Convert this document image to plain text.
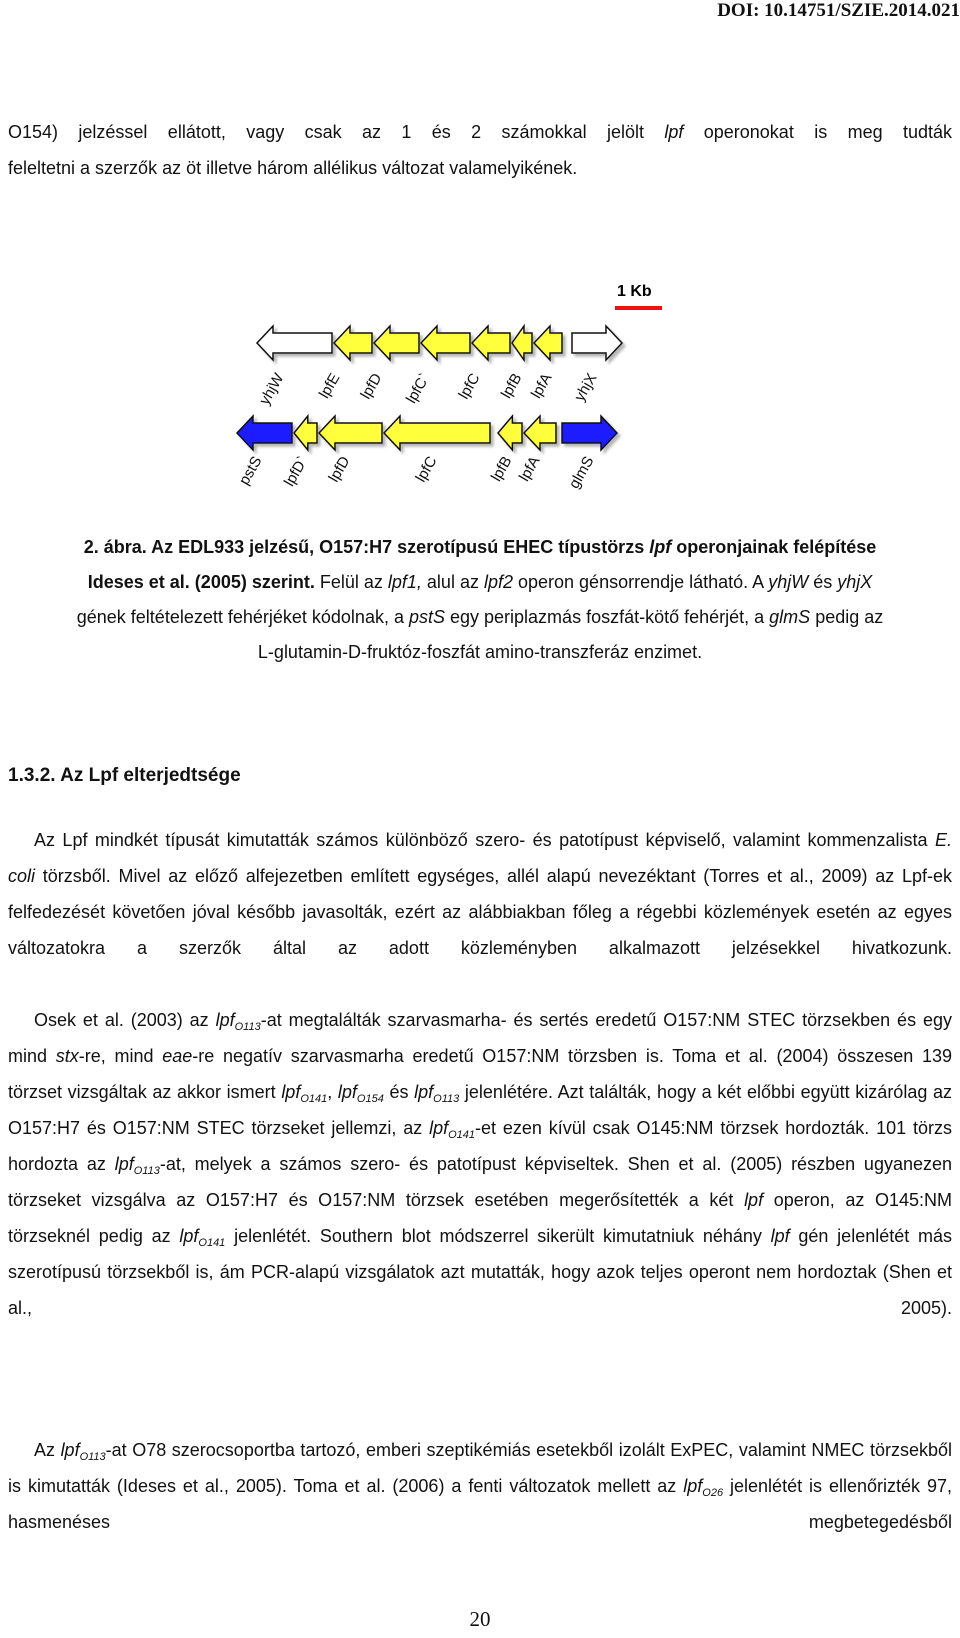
DOI: 10.14751/SZIE.2014.021

O154) jelzéssel ellátott, vagy csak az 1 és 2 számokkal jelölt lpf operonokat is meg tudták

feleltetni a szerzők az öt illetve három allélikus változat valamelyikének.

1 Kb
yhjW lpfE lpfD lpfC` lpfC lpfB lpfA yhjX
pstS lpfD` lpfD	lpfC	lpfB lpfA glmS

2. ábra. Az EDL933 jelzésű, O157:H7 szerotípusú EHEC típustörzs lpf operonjainak felépítése

Ideses et al. (2005) szerint. Felül az lpf1, alul az lpf2 operon génsorrendje látható. A yhjW és yhjX

gének feltételezett fehérjéket kódolnak, a pstS egy periplazmás foszfát-kötő fehérjét, a glmS pedig az

L-glutamin-D-fruktóz-foszfát amino-transzferáz enzimet.

1.3.2. Az Lpf elterjedtsége

Az Lpf mindkét típusát kimutatták számos különböző szero- és patotípust képviselő, valamint kommenzalista E. coli törzsből. Mivel az előző alfejezetben említett egységes, allél alapú nevezéktant (Torres et al., 2009) az Lpf-ek felfedezését követően jóval később javasolták, ezért az alábbiakban főleg a régebbi közlemények esetén az egyes változatokra a szerzők által az adott közleményben alkalmazott jelzésekkel hivatkozunk.

Osek et al. (2003) az lpf$_{O113}$-at megtalálták szarvasmarha- és sertés eredetű O157:NM STEC törzsekben és egy mind stx-re, mind eae-re negatív szarvasmarha eredetű O157:NM törzsben is. Toma et al. (2004) összesen 139 törzset vizsgáltak az akkor ismert lpf$_{O141}$, lpf$_{O154}$ és lpf$_{O113}$ jelenlétére. Azt találták, hogy a két előbbi együtt kizárólag az O157:H7 és O157:NM STEC törzseket jellemzi, az lpf$_{O141}$-et ezen kívül csak O145:NM törzsek hordozták. 101 törzs hordozta az lpf$_{O113}$-at, melyek a számos szero- és patotípust képviseltek. Shen et al. (2005) részben ugyanezen törzseket vizsgálva az O157:H7 és O157:NM törzsek esetében megerősítették a két lpf operon, az O145:NM törzseknél pedig az lpf$_{O141}$ jelenlétét. Southern blot módszerrel sikerült kimutatniuk néhány lpf gén jelenlétét más szerotípusú törzsekből is, ám PCR-alapú vizsgálatok azt mutatták, hogy azok teljes operont nem hordoztak (Shen et al., 2005).

Az lpf$_{O113}$-at O78 szerocsoportba tartozó, emberi szeptikémiás esetekből izolált ExPEC, valamint NMEC törzsekből is kimutatták (Ideses et al., 2005). Toma et al. (2006) a fenti változatok mellett az lpf$_{O26}$ jelenlétét is ellenőrizték 97, hasmenéses megbetegedésből

20
